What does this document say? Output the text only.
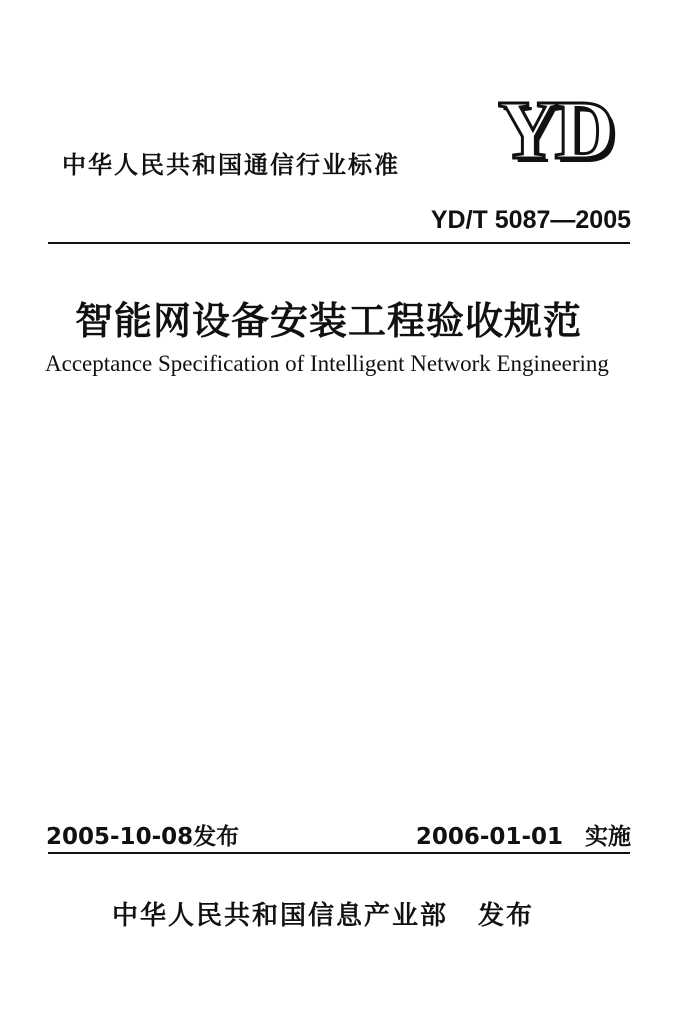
YD
中华人民共和国通信行业标准
YD/T 5087—2005
智能网设备安装工程验收规范
Acceptance Specification of Intelligent Network Engineering
2005-10-08发布	2006-01-01 实施
中华人民共和国信息产业部 发布
